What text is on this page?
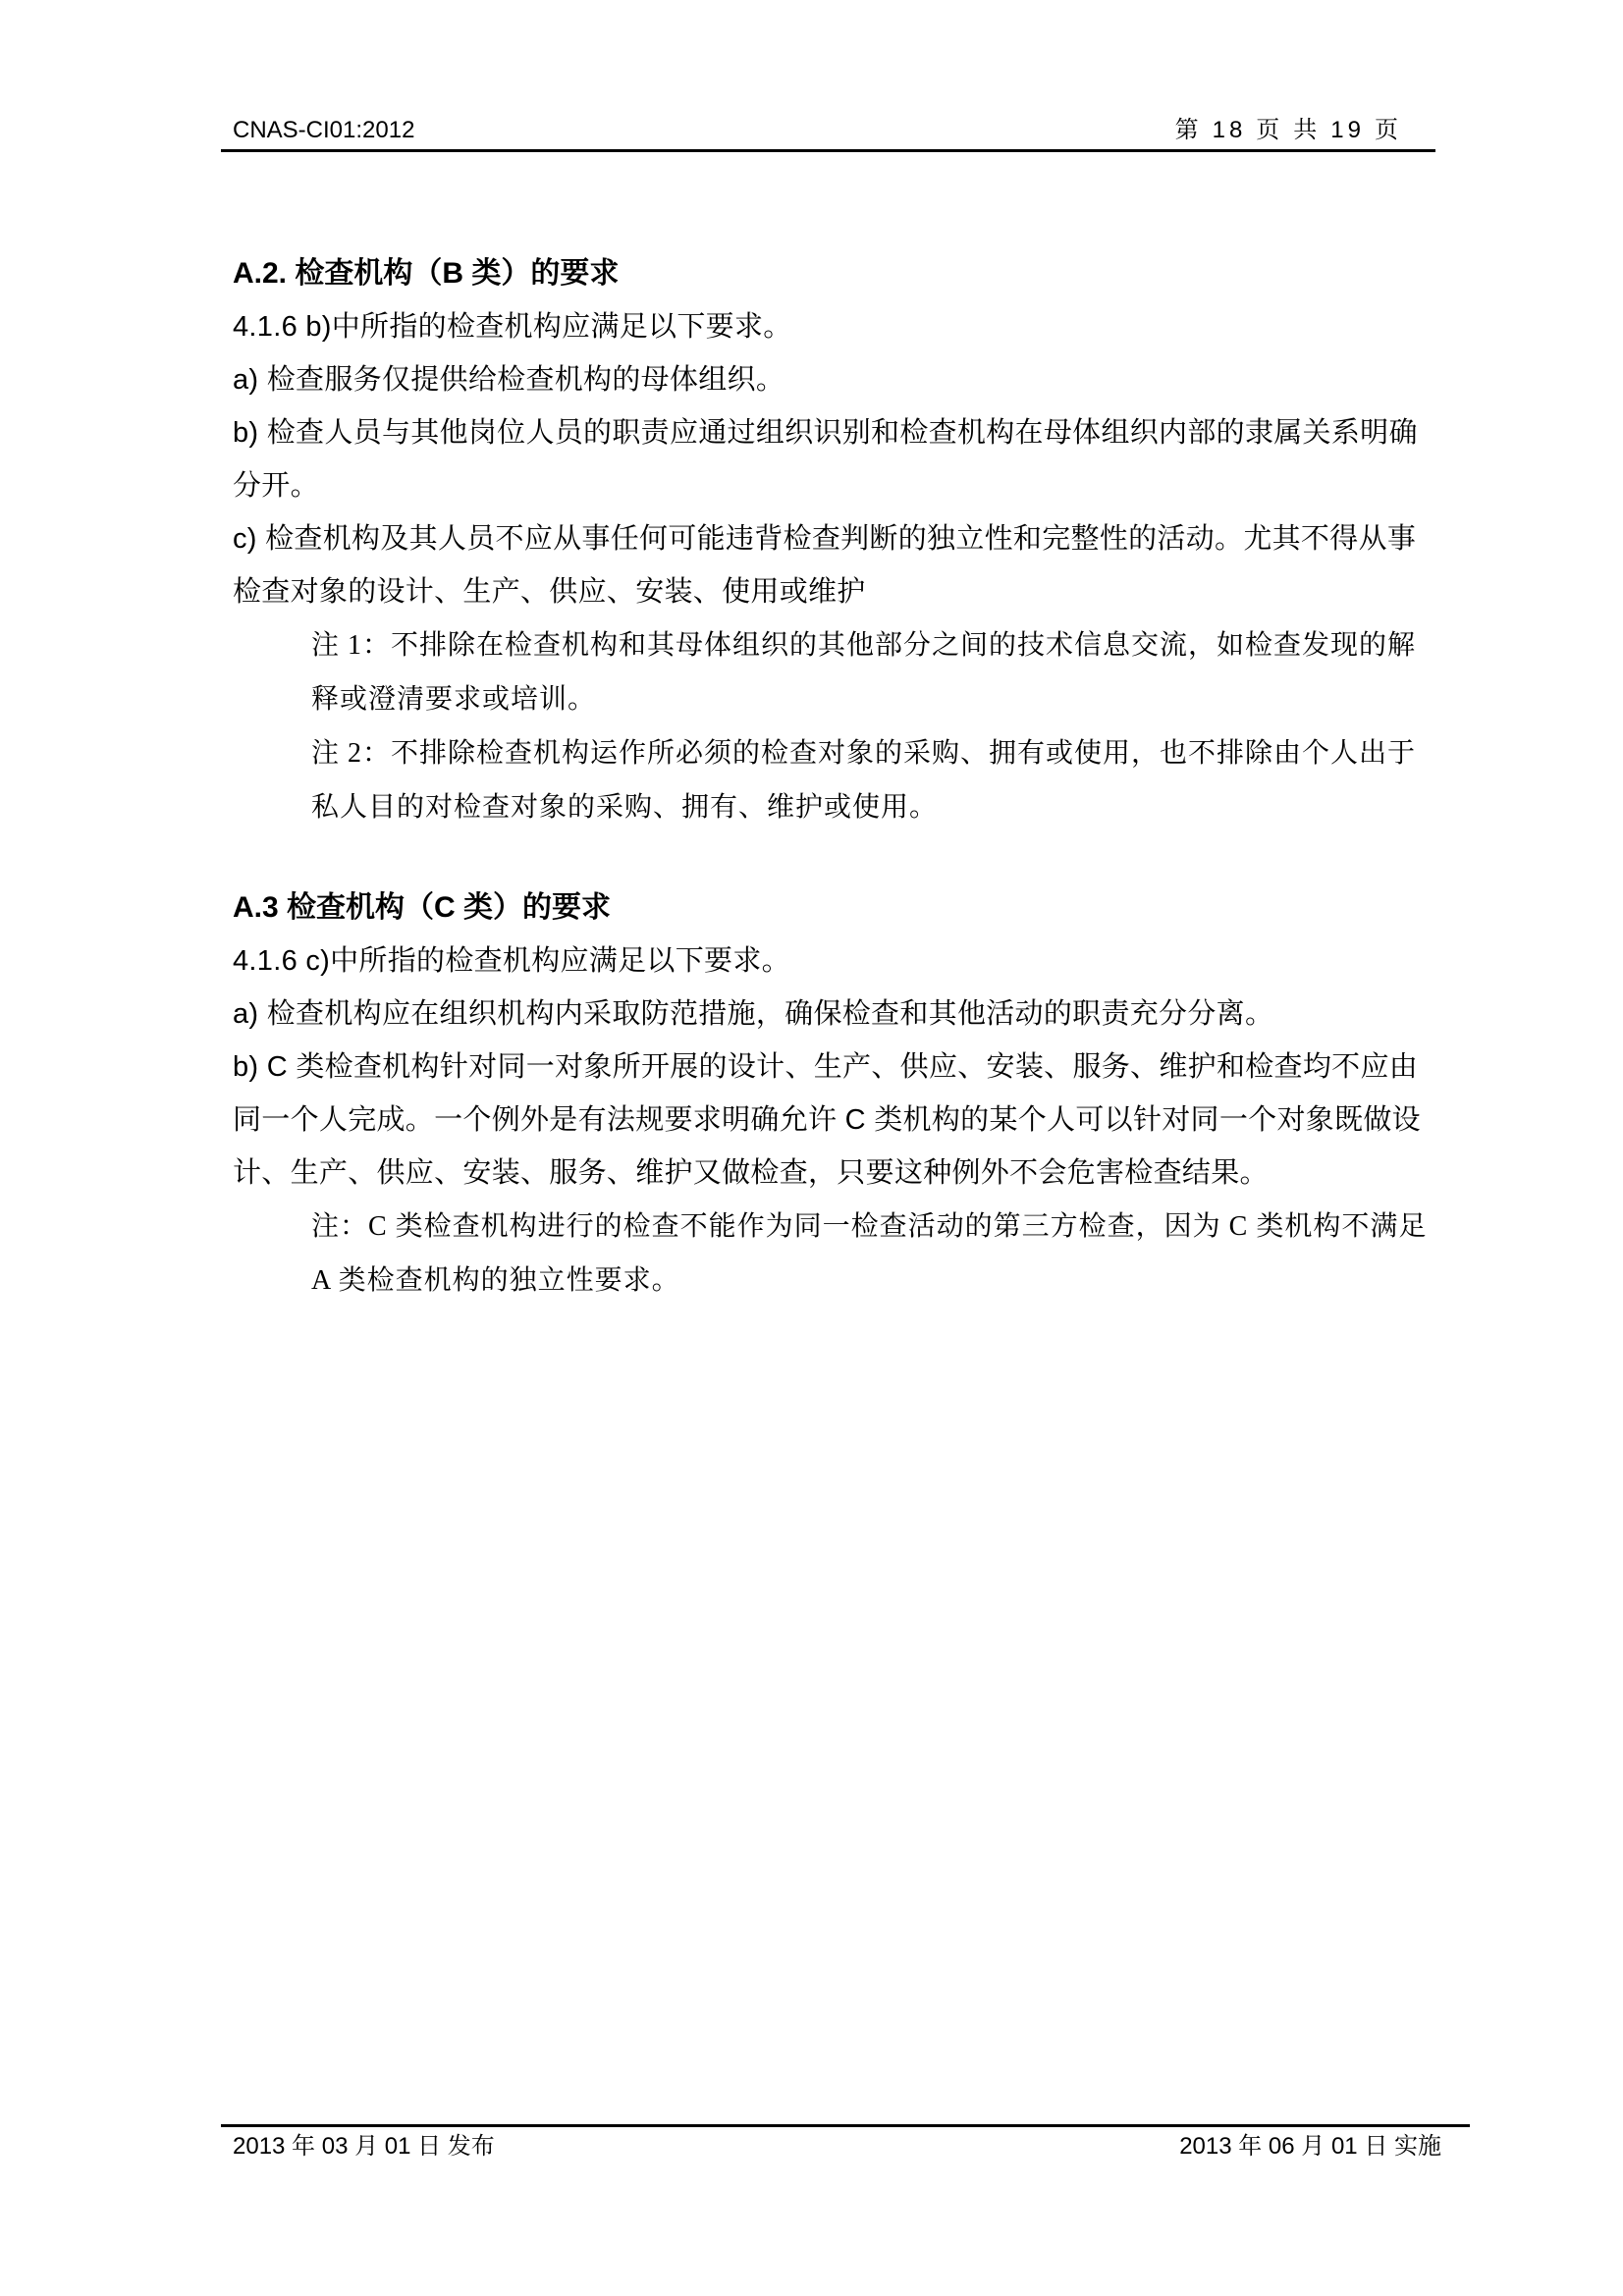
CNAS-CI01:2012	第 18 页 共 19 页

A.2. 检查机构（B 类）的要求

4.1.6 b)中所指的检查机构应满足以下要求。

a) 检查服务仅提供给检查机构的母体组织。

b) 检查人员与其他岗位人员的职责应通过组织识别和检查机构在母体组织内部的隶属关系明确分开。

c) 检查机构及其人员不应从事任何可能违背检查判断的独立性和完整性的活动。尤其不得从事检查对象的设计、生产、供应、安装、使用或维护

注 1：不排除在检查机构和其母体组织的其他部分之间的技术信息交流，如检查发现的解释或澄清要求或培训。

注 2：不排除检查机构运作所必须的检查对象的采购、拥有或使用，也不排除由个人出于私人目的对检查对象的采购、拥有、维护或使用。

A.3 检查机构（C 类）的要求

4.1.6 c)中所指的检查机构应满足以下要求。

a) 检查机构应在组织机构内采取防范措施，确保检查和其他活动的职责充分分离。

b) C 类检查机构针对同一对象所开展的设计、生产、供应、安装、服务、维护和检查均不应由同一个人完成。一个例外是有法规要求明确允许 C 类机构的某个人可以针对同一个对象既做设计、生产、供应、安装、服务、维护又做检查，只要这种例外不会危害检查结果。

注：C 类检查机构进行的检查不能作为同一检查活动的第三方检查，因为 C 类机构不满足 A 类检查机构的独立性要求。

2013 年 03 月 01 日 发布	2013 年 06 月 01 日 实施
